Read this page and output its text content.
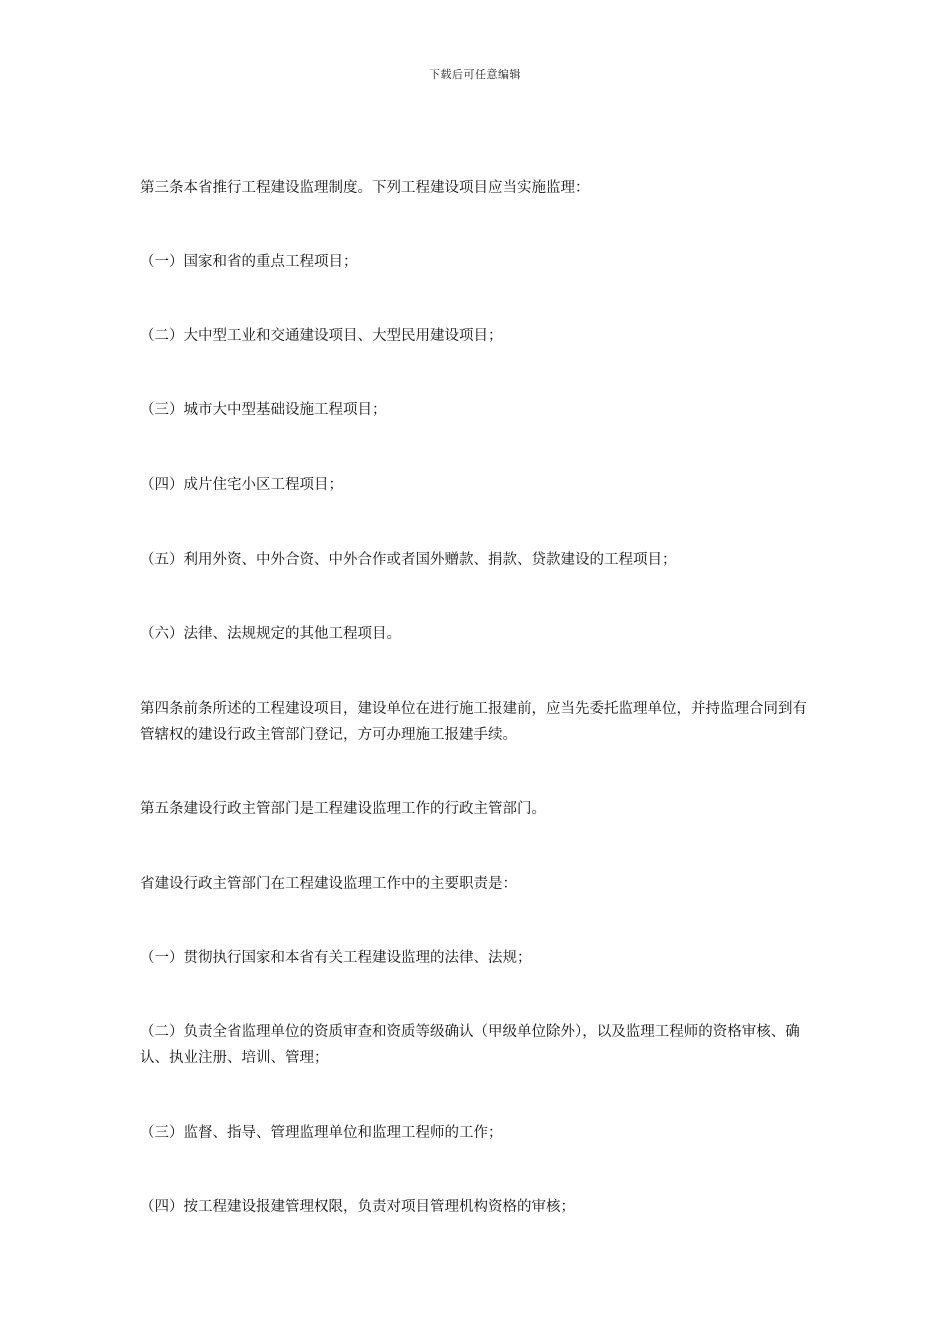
下载后可任意编辑

第三条本省推行工程建设监理制度。下列工程建设项目应当实施监理：

（一）国家和省的重点工程项目；

（二）大中型工业和交通建设项目、大型民用建设项目；

（三）城市大中型基础设施工程项目；

（四）成片住宅小区工程项目；

（五）利用外资、中外合资、中外合作或者国外赠款、捐款、贷款建设的工程项目；

（六）法律、法规规定的其他工程项目。

第四条前条所述的工程建设项目，建设单位在进行施工报建前，应当先委托监理单位，并持监理合同到有管辖权的建设行政主管部门登记，方可办理施工报建手续。

第五条建设行政主管部门是工程建设监理工作的行政主管部门。

省建设行政主管部门在工程建设监理工作中的主要职责是：

（一）贯彻执行国家和本省有关工程建设监理的法律、法规；

（二）负责全省监理单位的资质审查和资质等级确认（甲级单位除外），以及监理工程师的资格审核、确认、执业注册、培训、管理；

（三）监督、指导、管理监理单位和监理工程师的工作；

（四）按工程建设报建管理权限，负责对项目管理机构资格的审核；
